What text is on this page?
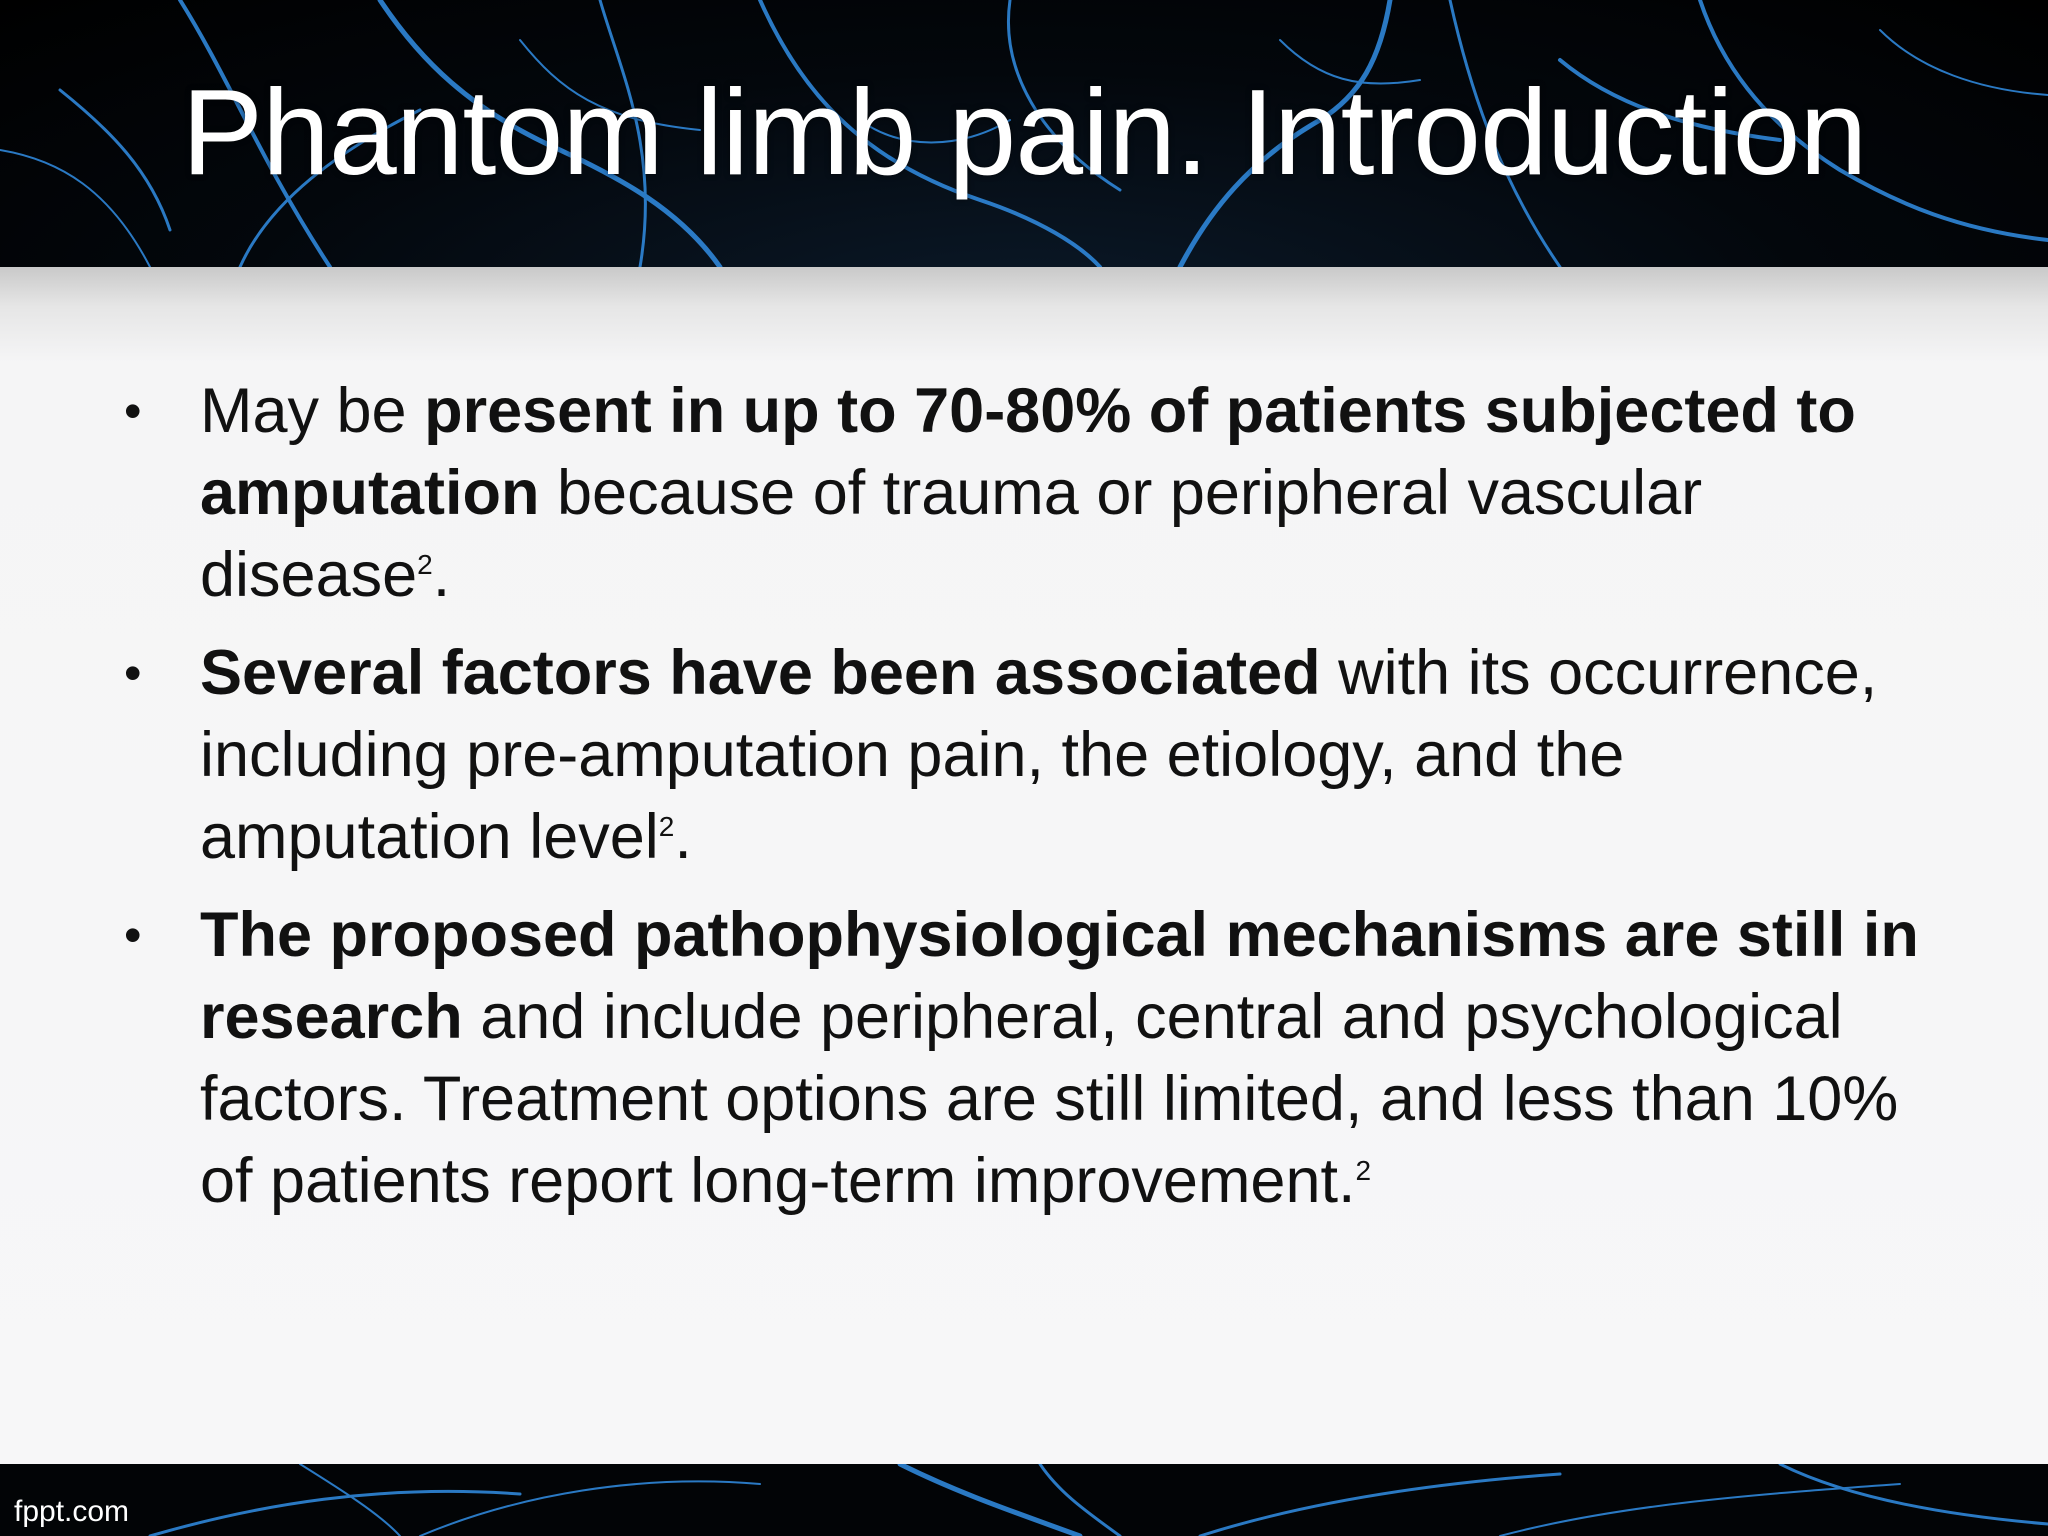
Phantom limb pain. Introduction
• May be present in up to 70-80% of patients subjected to amputation because of trauma or peripheral vascular disease$^2$.
• Several factors have been associated with its occurrence, including pre-amputation pain, the etiology, and the amputation level$^2$.
• The proposed pathophysiological mechanisms are still in research and include peripheral, central and psychological factors. Treatment options are still limited, and less than 10% of patients report long-term improvement.$^2$
fppt.com
